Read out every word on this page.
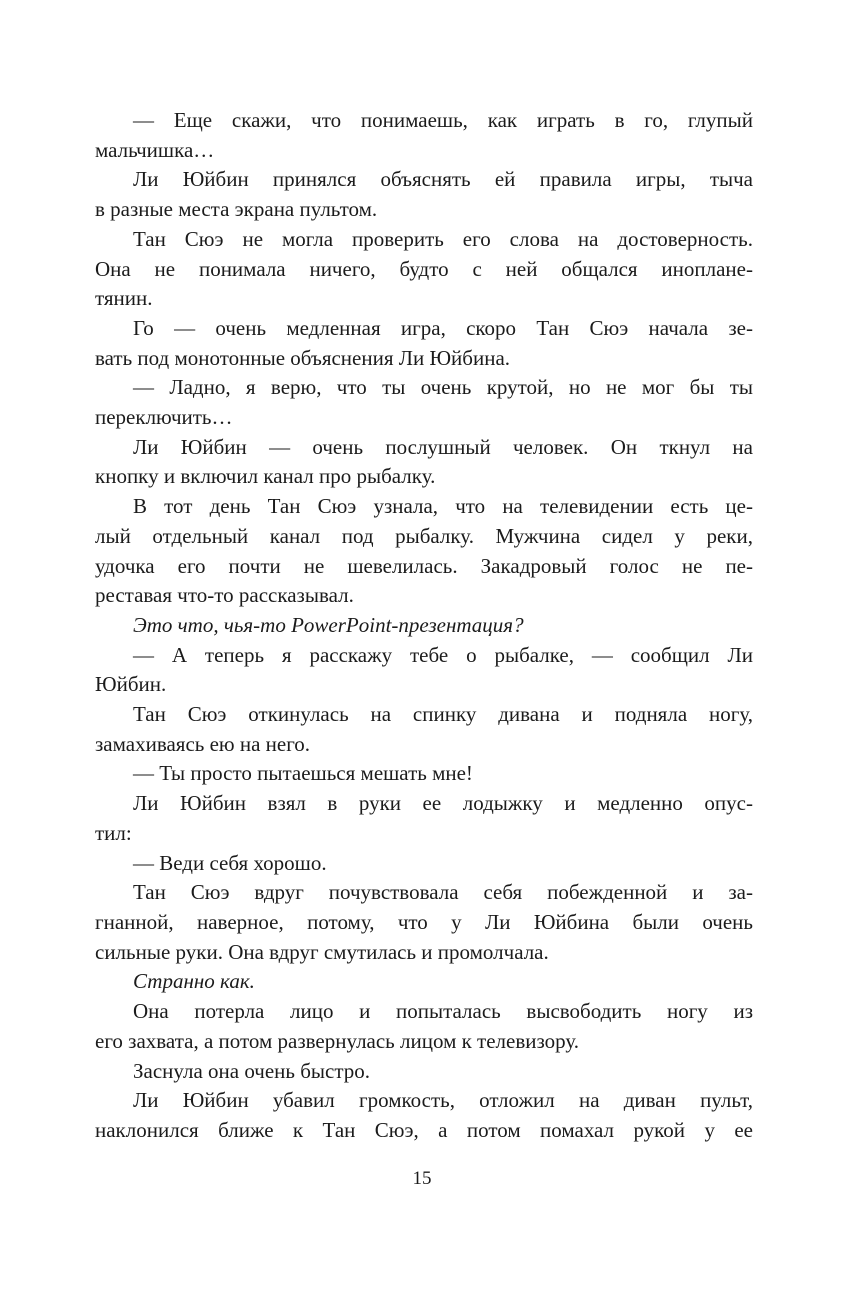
— Еще скажи, что понимаешь, как играть в го, глупый
мальчишка…
Ли Юйбин принялся объяснять ей правила игры, тыча
в разные места экрана пультом.
Тан Сюэ не могла проверить его слова на достоверность.
Она не понимала ничего, будто с ней общался иноплане-
тянин.
Го — очень медленная игра, скоро Тан Сюэ начала зе-
вать под монотонные объяснения Ли Юйбина.
— Ладно, я верю, что ты очень крутой, но не мог бы ты
переключить…
Ли Юйбин — очень послушный человек. Он ткнул на
кнопку и включил канал про рыбалку.
В тот день Тан Сюэ узнала, что на телевидении есть це-
лый отдельный канал под рыбалку. Мужчина сидел у реки,
удочка его почти не шевелилась. Закадровый голос не пе-
реставая что-то рассказывал.
Это что, чья-то PowerPoint-презентация?
— А теперь я расскажу тебе о рыбалке, — сообщил Ли
Юйбин.
Тан Сюэ откинулась на спинку дивана и подняла ногу,
замахиваясь ею на него.
— Ты просто пытаешься мешать мне!
Ли Юйбин взял в руки ее лодыжку и медленно опус-
тил:
— Веди себя хорошо.
Тан Сюэ вдруг почувствовала себя побежденной и за-
гнанной, наверное, потому, что у Ли Юйбина были очень
сильные руки. Она вдруг смутилась и промолчала.
Странно как.
Она потерла лицо и попыталась высвободить ногу из
его захвата, а потом развернулась лицом к телевизору.
Заснула она очень быстро.
Ли Юйбин убавил громкость, отложил на диван пульт,
наклонился ближе к Тан Сюэ, а потом помахал рукой у ее
15
